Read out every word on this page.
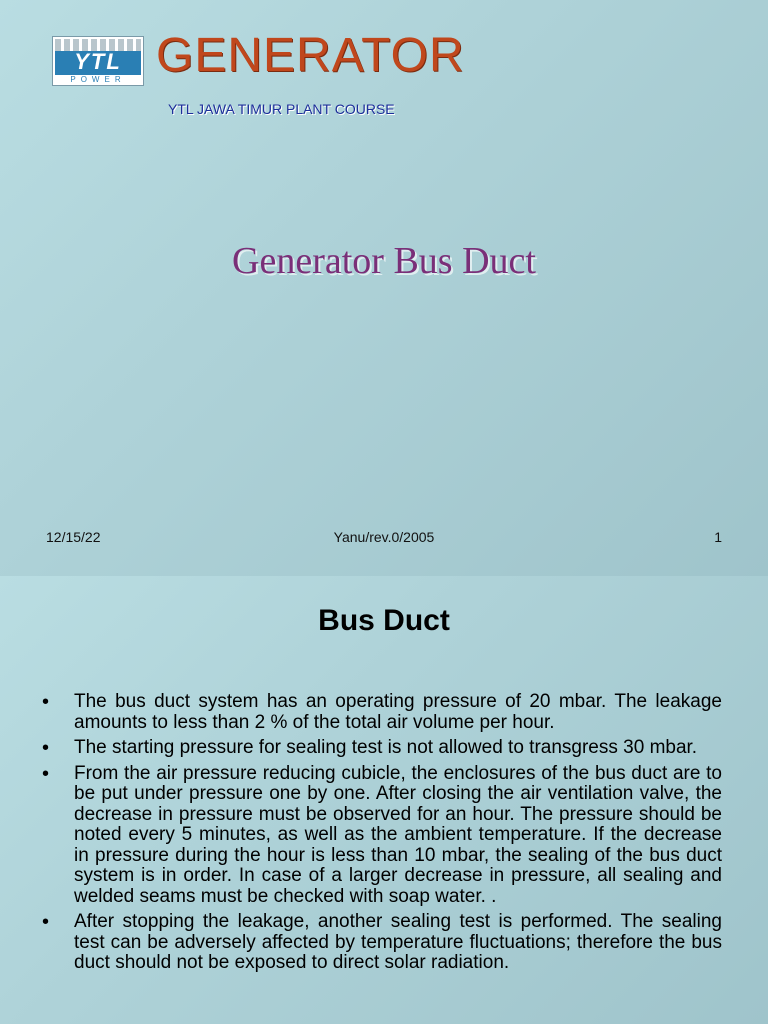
YTL
POWER GENERATOR
YTL JAWA TIMUR PLANT COURSE
Generator Bus Duct
12/15/22	Yanu/rev.0/2005	1
Bus Duct
• The bus duct system has an operating pressure of 20 mbar. The leakage amounts to less than 2 % of the total air volume per hour.
• The starting pressure for sealing test is not allowed to transgress 30 mbar.
• From the air pressure reducing cubicle, the enclosures of the bus duct are to be put under pressure one by one. After closing the air ventilation valve, the decrease in pressure must be observed for an hour. The pressure should be noted every 5 minutes, as well as the ambient temperature. If the decrease in pressure during the hour is less than 10 mbar, the sealing of the bus duct system is in order. In case of a larger decrease in pressure, all sealing and welded seams must be checked with soap water. .
• After stopping the leakage, another sealing test is performed. The sealing test can be adversely affected by temperature fluctuations; therefore the bus duct should not be exposed to direct solar radiation.
